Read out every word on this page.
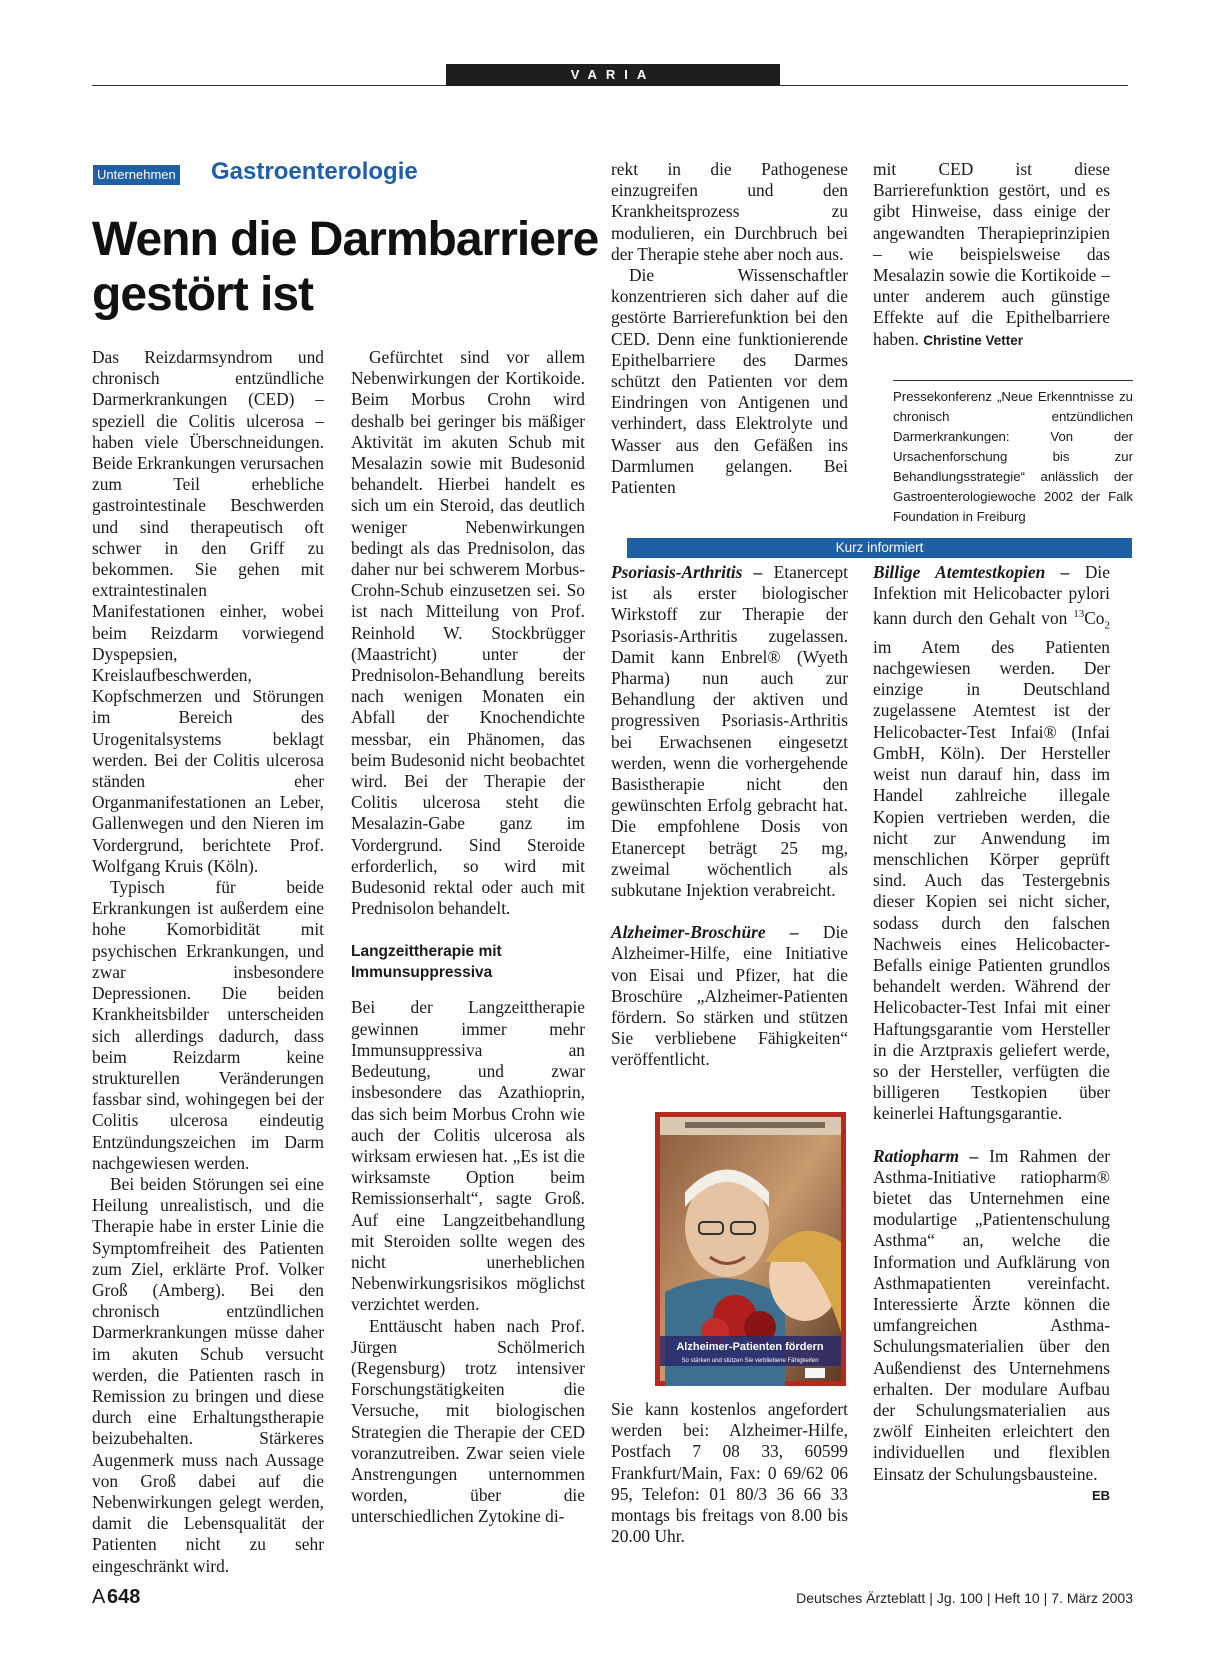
VARIA
Unternehmen Gastroenterologie
Wenn die Darmbarriere
gestört ist

Das Reizdarmsyndrom und chronisch entzündliche Darmerkrankungen (CED) – speziell die Colitis ulcerosa – haben viele Überschneidungen. Beide Erkrankungen verursachen zum Teil erhebliche gastrointestinale Beschwerden und sind therapeutisch oft schwer in den Griff zu bekommen. Sie gehen mit extraintestinalen Manifestationen einher, wobei beim Reizdarm vorwiegend Dyspepsien, Kreislaufbeschwerden, Kopfschmerzen und Störungen im Bereich des Urogenitalsystems beklagt werden. Bei der Colitis ulcerosa ständen eher Organmanifestationen an Leber, Gallenwegen und den Nieren im Vordergrund, berichtete Prof. Wolfgang Kruis (Köln).

Typisch für beide Erkrankungen ist außerdem eine hohe Komorbidität mit psychischen Erkrankungen, und zwar insbesondere Depressionen. Die beiden Krankheitsbilder unterscheiden sich allerdings dadurch, dass beim Reizdarm keine strukturellen Veränderungen fassbar sind, wohingegen bei der Colitis ulcerosa eindeutig Entzündungszeichen im Darm nachgewiesen werden.

Bei beiden Störungen sei eine Heilung unrealistisch, und die Therapie habe in erster Linie die Symptomfreiheit des Patienten zum Ziel, erklärte Prof. Volker Groß (Amberg). Bei den chronisch entzündlichen Darmerkrankungen müsse daher im akuten Schub versucht werden, die Patienten rasch in Remission zu bringen und diese durch eine Erhaltungstherapie beizubehalten. Stärkeres Augenmerk muss nach Aussage von Groß dabei auf die Nebenwirkungen gelegt werden, damit die Lebensqualität der Patienten nicht zu sehr eingeschränkt wird.

Gefürchtet sind vor allem Nebenwirkungen der Kortikoide. Beim Morbus Crohn wird deshalb bei geringer bis mäßiger Aktivität im akuten Schub mit Mesalazin sowie mit Budesonid behandelt. Hierbei handelt es sich um ein Steroid, das deutlich weniger Nebenwirkungen bedingt als das Prednisolon, das daher nur bei schwerem Morbus-Crohn-Schub einzusetzen sei. So ist nach Mitteilung von Prof. Reinhold W. Stockbrügger (Maastricht) unter der Prednisolon-Behandlung bereits nach wenigen Monaten ein Abfall der Knochendichte messbar, ein Phänomen, das beim Budesonid nicht beobachtet wird. Bei der Therapie der Colitis ulcerosa steht die Mesalazin-Gabe ganz im Vordergrund. Sind Steroide erforderlich, so wird mit Budesonid rektal oder auch mit Prednisolon behandelt.

Langzeittherapie mit Immunsuppressiva

Bei der Langzeittherapie gewinnen immer mehr Immunsuppressiva an Bedeutung, und zwar insbesondere das Azathioprin, das sich beim Morbus Crohn wie auch der Colitis ulcerosa als wirksam erwiesen hat. „Es ist die wirksamste Option beim Remissionserhalt“, sagte Groß. Auf eine Langzeitbehandlung mit Steroiden sollte wegen des nicht unerheblichen Nebenwirkungsrisikos möglichst verzichtet werden.

Enttäuscht haben nach Prof. Jürgen Schölmerich (Regensburg) trotz intensiver Forschungstätigkeiten die Versuche, mit biologischen Strategien die Therapie der CED voranzutreiben. Zwar seien viele Anstrengungen unternommen worden, über die unterschiedlichen Zytokine di-

rekt in die Pathogenese einzugreifen und den Krankheitsprozess zu modulieren, ein Durchbruch bei der Therapie stehe aber noch aus.

Die Wissenschaftler konzentrieren sich daher auf die gestörte Barrierefunktion bei den CED. Denn eine funktionierende Epithelbarriere des Darmes schützt den Patienten vor dem Eindringen von Antigenen und verhindert, dass Elektrolyte und Wasser aus den Gefäßen ins Darmlumen gelangen. Bei Patienten

mit CED ist diese Barrierefunktion gestört, und es gibt Hinweise, dass einige der angewandten Therapieprinzipien – wie beispielsweise das Mesalazin sowie die Kortikoide – unter anderem auch günstige Effekte auf die Epithelbarriere haben. Christine Vetter

Pressekonferenz „Neue Erkenntnisse zu chronisch entzündlichen Darmerkrankungen: Von der Ursachenforschung bis zur Behandlungsstrategie“ anlässlich der Gastroenterologiewoche 2002 der Falk Foundation in Freiburg
Kurz informiert

Psoriasis-Arthritis – Etanercept ist als erster biologischer Wirkstoff zur Therapie der Psoriasis-Arthritis zugelassen. Damit kann Enbrel® (Wyeth Pharma) nun auch zur Behandlung der aktiven und progressiven Psoriasis-Arthritis bei Erwachsenen eingesetzt werden, wenn die vorhergehende Basistherapie nicht den gewünschten Erfolg gebracht hat. Die empfohlene Dosis von Etanercept beträgt 25 mg, zweimal wöchentlich als subkutane Injektion verabreicht.

Alzheimer-Broschüre – Die Alzheimer-Hilfe, eine Initiative von Eisai und Pfizer, hat die Broschüre „Alzheimer-Patienten fördern. So stärken und stützen Sie verbliebene Fähigkeiten“ veröffentlicht.

Alzheimer-Patienten fördern
So stärken und stützen Sie verbliebene Fähigkeiten

Sie kann kostenlos angefordert werden bei: Alzheimer-Hilfe, Postfach 7 08 33, 60599 Frankfurt/Main, Fax: 0 69/62 06 95, Telefon: 01 80/3 36 66 33 montags bis freitags von 8.00 bis 20.00 Uhr.

Billige Atemtestkopien – Die Infektion mit Helicobacter pylori kann durch den Gehalt von $^{13}Co_2$ im Atem des Patienten nachgewiesen werden. Der einzige in Deutschland zugelassene Atemtest ist der Helicobacter-Test Infai® (Infai GmbH, Köln). Der Hersteller weist nun darauf hin, dass im Handel zahlreiche illegale Kopien vertrieben werden, die nicht zur Anwendung im menschlichen Körper geprüft sind. Auch das Testergebnis dieser Kopien sei nicht sicher, sodass durch den falschen Nachweis eines Helicobacter-Befalls einige Patienten grundlos behandelt werden. Während der Helicobacter-Test Infai mit einer Haftungsgarantie vom Hersteller in die Arztpraxis geliefert werde, so der Hersteller, verfügten die billigeren Testkopien über keinerlei Haftungsgarantie.

Ratiopharm – Im Rahmen der Asthma-Initiative ratiopharm® bietet das Unternehmen eine modulartige „Patientenschulung Asthma“ an, welche die Information und Aufklärung von Asthmapatienten vereinfacht. Interessierte Ärzte können die umfangreichen Asthma-Schulungsmaterialien über den Außendienst des Unternehmens erhalten. Der modulare Aufbau der Schulungsmaterialien aus zwölf Einheiten erleichtert den individuellen und flexiblen Einsatz der Schulungsbausteine.
EB

A 648	Deutsches Ärzteblatt | Jg. 100 | Heft 10 | 7. März 2003
